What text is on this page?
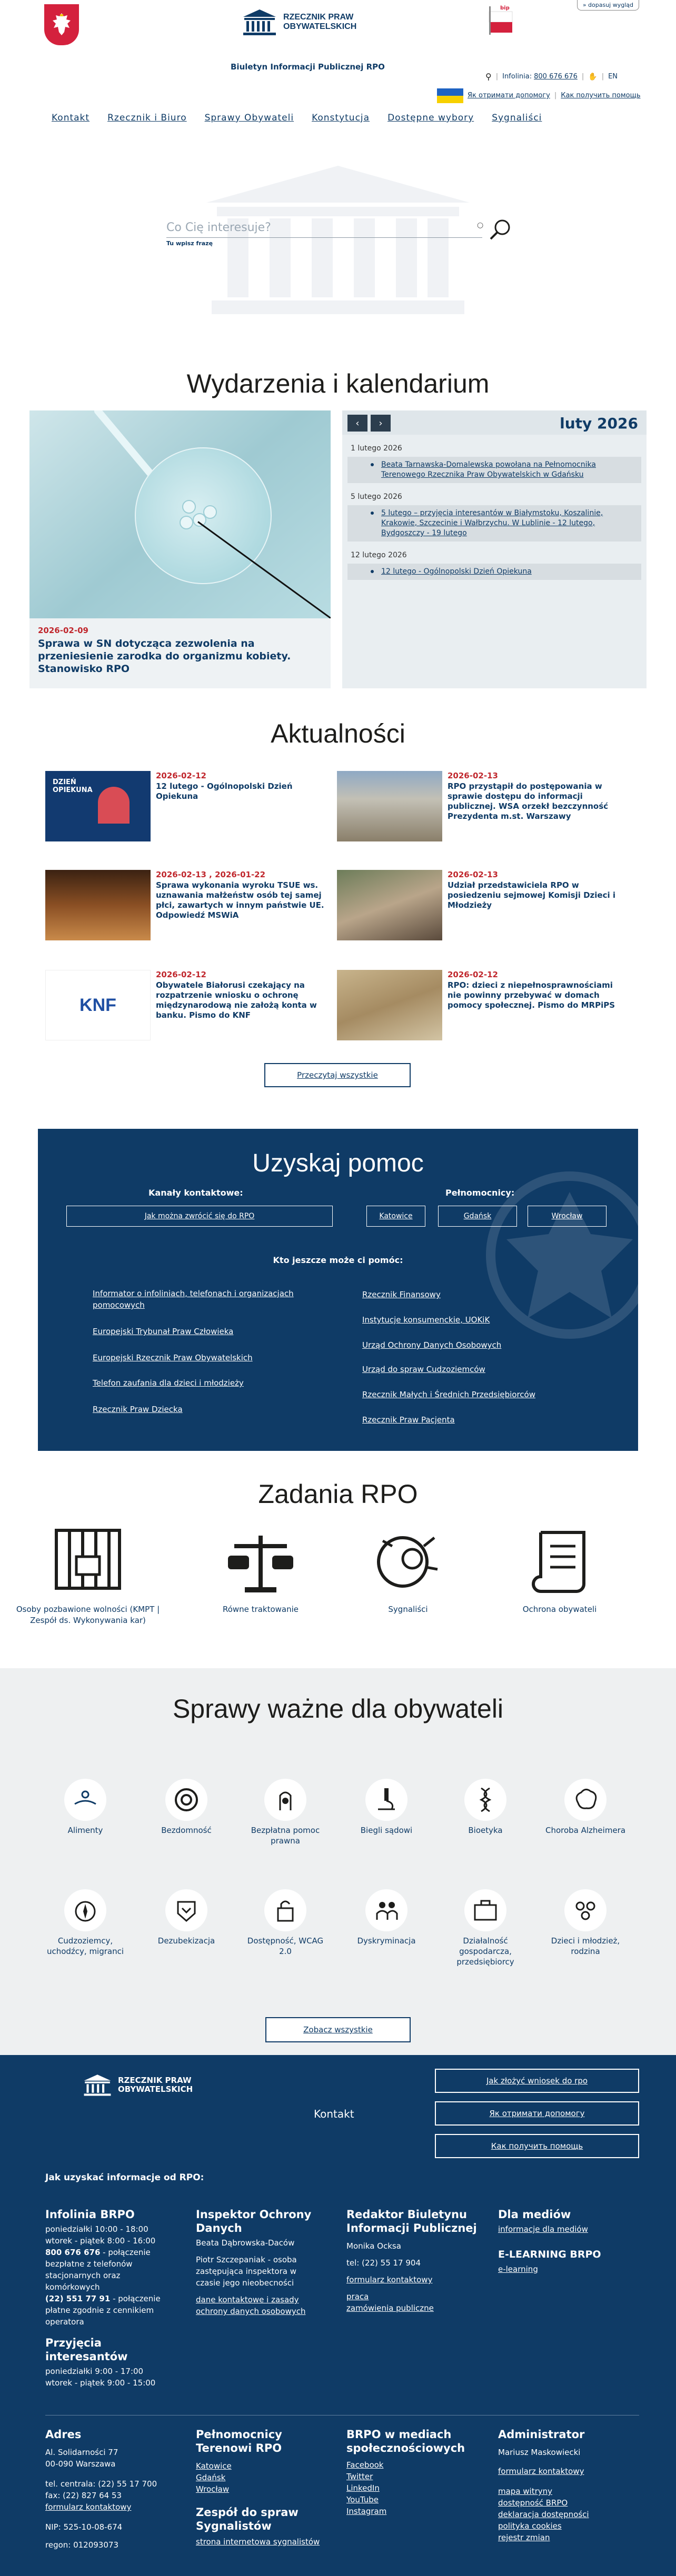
RZECZNIK PRAW
OBYWATELSKICH
bip	» dopasuj wygląd
Biuletyn Informacji Publicznej RPO
⚲ | Infolinia: 800 676 676 | ✋ | EN
Як отримати допомогу | Как получить помощь
Kontakt Rzecznik i Biuro Sprawy Obywateli Konstytucja Dostępne wybory Sygnaliści
Co Cię interesuje?
Tu wpisz frazę
○
Wydarzenia i kalendarium
2026-02-09
Sprawa w SN dotycząca zezwolenia na przeniesienie zarodka do organizmu kobiety. Stanowisko RPO
‹	›	luty 2026
1 lutego 2026
Beata Tarnawska-Domalewska powołana na Pełnomocnika Terenowego Rzecznika Praw Obywatelskich w Gdańsku
5 lutego 2026
5 lutego – przyjęcia interesantów w Białymstoku, Koszalinie, Krakowie, Szczecinie i Wałbrzychu. W Lublinie - 12 lutego, Bydgoszczy - 19 lutego
12 lutego 2026
12 lutego - Ogólnopolski Dzień Opiekuna
Aktualności
DZIEŃ OPIEKUNA
2026-02-12
12 lutego - Ogólnopolski Dzień Opiekuna
2026-02-13
RPO przystąpił do postępowania w sprawie dostępu do informacji publicznej. WSA orzekł bezczynność Prezydenta m.st. Warszawy
2026-02-13 , 2026-01-22
Sprawa wykonania wyroku TSUE ws. uznawania małżeństw osób tej samej płci, zawartych w innym państwie UE. Odpowiedź MSWiA
2026-02-13
Udział przedstawiciela RPO w posiedzeniu sejmowej Komisji Dzieci i Młodzieży
KNF
2026-02-12
Obywatele Białorusi czekający na rozpatrzenie wniosku o ochronę międzynarodową nie założą konta w banku. Pismo do KNF
2026-02-12
RPO: dzieci z niepełnosprawnościami nie powinny przebywać w domach pomocy społecznej. Pismo do MRPiPS
Przeczytaj wszystkie
Uzyskaj pomoc
Kanały kontaktowe:
Jak można zwrócić się do RPO
Pełnomocnicy:
Katowice	Gdańsk	Wrocław
Kto jeszcze może ci pomóc:
Informator o infoliniach, telefonach i organizacjach pomocowych
Europejski Trybunał Praw Człowieka
Europejski Rzecznik Praw Obywatelskich
Telefon zaufania dla dzieci i młodzieży
Rzecznik Praw Dziecka
Rzecznik Finansowy
Instytucje konsumenckie, UOKiK
Urząd Ochrony Danych Osobowych
Urząd do spraw Cudzoziemców
Rzecznik Małych i Średnich Przedsiębiorców
Rzecznik Praw Pacjenta
Zadania RPO
Osoby pozbawione wolności (KMPT | Zespół ds. Wykonywania kar)
Równe traktowanie	Sygnaliści	Ochrona obywateli
Sprawy ważne dla obywateli
Alimenty	Bezdomność	Bezpłatna pomoc prawna
Biegli sądowi	Bioetyka	Choroba Alzheimera
Cudzoziemcy, uchodźcy, migranci
Dezubekizacja	Dostępność, WCAG 2.0
Dyskryminacja	Działalność gospodarcza, przedsiębiorcy
Dzieci i młodzież, rodzina
Zobacz wszystkie
RZECZNIK PRAW
OBYWATELSKICH
Kontakt
Jak złożyć wniosek do rpo
Як отримати допомогу
Как получить помощь
Jak uzyskać informacje od RPO:
Infolinia BRPO

poniedziałki 10:00 - 18:00

wtorek - piątek 8:00 - 16:00

800 676 676 - połączenie bezpłatne z telefonów stacjonarnych oraz komórkowych

(22) 551 77 91 - połączenie płatne zgodnie z cennikiem operatora

Przyjęcia interesantów

poniedziałki 9:00 - 17:00

wtorek - piątek 9:00 - 15:00

Inspektor Ochrony Danych

Beata Dąbrowska-Daców

Piotr Szczepaniak - osoba zastępująca inspektora w czasie jego nieobecności

dane kontaktowe i zasady ochrony danych osobowych

Redaktor Biuletynu Informacji Publicznej

Monika Ocksa

tel: (22) 55 17 904

formularz kontaktowy

praca

zamówienia publiczne

Dla mediów

informacje dla mediów

E-LEARNING BRPO

e-learning

Adres

Al. Solidarności 77

00-090 Warszawa

tel. centrala: (22) 55 17 700

fax: (22) 827 64 53

formularz kontaktowy

NIP: 525-10-08-674

regon: 012093073

Pełnomocnicy Terenowi RPO

Katowice

Gdańsk

Wrocław

Zespół do spraw Sygnalistów

strona internetowa sygnalistów

BRPO w mediach społecznościowych

Facebook

Twitter

LinkedIn

YouTube

Instagram

Administrator

Mariusz Maskowiecki

formularz kontaktowy

mapa witryny

dostępność BRPO

deklaracja dostępności

polityka cookies

rejestr zmian
